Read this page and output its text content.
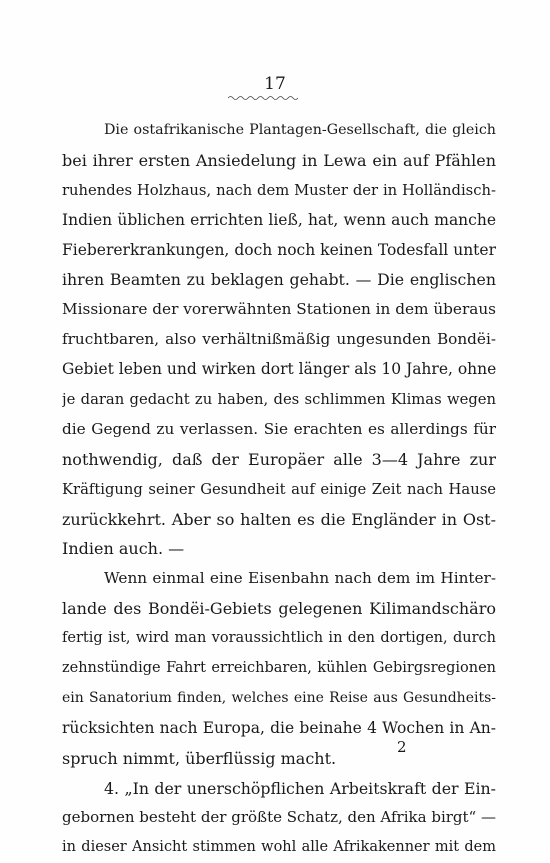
17
Die ostafrikanische Plantagen-Gesellschaft, die gleich
bei ihrer ersten Ansiedelung in Lewa ein auf Pfählen
ruhendes Holzhaus, nach dem Muster der in Holländisch-
Indien üblichen errichten ließ, hat, wenn auch manche
Fiebererkrankungen, doch noch keinen Todesfall unter
ihren Beamten zu beklagen gehabt. — Die englischen
Missionare der vorerwähnten Stationen in dem überaus
fruchtbaren, also verhältnißmäßig ungesunden Bondëi-
Gebiet leben und wirken dort länger als 10 Jahre, ohne
je daran gedacht zu haben, des schlimmen Klimas wegen
die Gegend zu verlassen. Sie erachten es allerdings für
nothwendig, daß der Europäer alle 3—4 Jahre zur
Kräftigung seiner Gesundheit auf einige Zeit nach Hause
zurückkehrt. Aber so halten es die Engländer in Ost-
Indien auch. —
Wenn einmal eine Eisenbahn nach dem im Hinter-
lande des Bondëi-Gebiets gelegenen Kilimandschäro
fertig ist, wird man voraussichtlich in den dortigen, durch
zehnstündige Fahrt erreichbaren, kühlen Gebirgsregionen
ein Sanatorium finden, welches eine Reise aus Gesundheits-
rücksichten nach Europa, die beinahe 4 Wochen in An-
spruch nimmt, überflüssig macht.
4. „In der unerschöpflichen Arbeitskraft der Ein-
gebornen besteht der größte Schatz, den Afrika birgt“ —
in dieser Ansicht stimmen wohl alle Afrikakenner mit dem
2
